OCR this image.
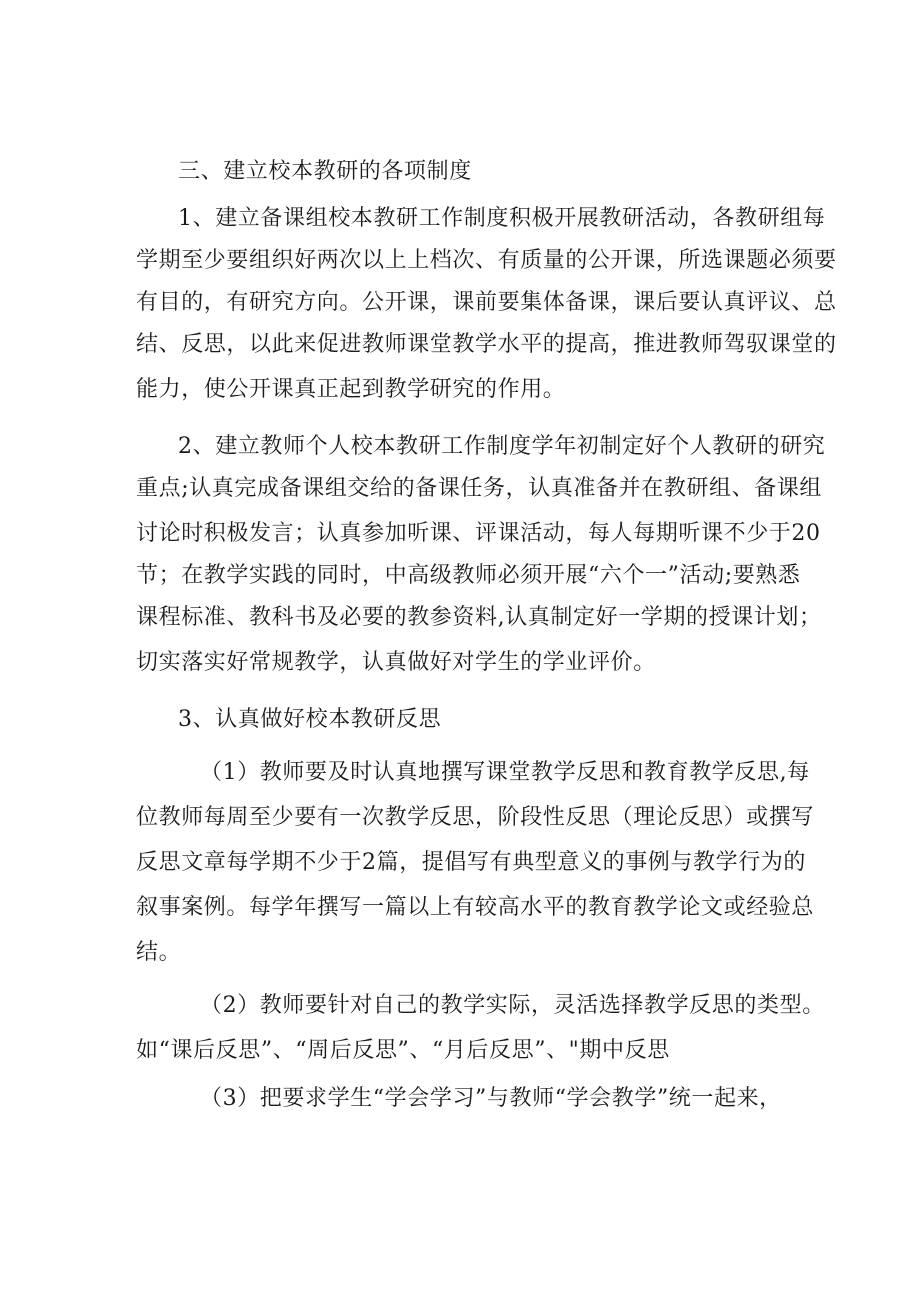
三、建立校本教研的各项制度
1、建立备课组校本教研工作制度积极开展教研活动，各教研组每
学期至少要组织好两次以上上档次、有质量的公开课，所选课题必须要
有目的，有研究方向。公开课，课前要集体备课，课后要认真评议、总
结、反思，以此来促进教师课堂教学水平的提高，推进教师驾驭课堂的
能力，使公开课真正起到教学研究的作用。
2、建立教师个人校本教研工作制度学年初制定好个人教研的研究
重点;认真完成备课组交给的备课任务，认真准备并在教研组、备课组
讨论时积极发言；认真参加听课、评课活动，每人每期听课不少于20
节；在教学实践的同时，中高级教师必须开展“六个一”活动;要熟悉
课程标准、教科书及必要的教参资料,认真制定好一学期的授课计划；
切实落实好常规教学，认真做好对学生的学业评价。
3、认真做好校本教研反思
（1）教师要及时认真地撰写课堂教学反思和教育教学反思,每
位教师每周至少要有一次教学反思，阶段性反思（理论反思）或撰写
反思文章每学期不少于2篇，提倡写有典型意义的事例与教学行为的
叙事案例。每学年撰写一篇以上有较高水平的教育教学论文或经验总
结。
（2）教师要针对自己的教学实际，灵活选择教学反思的类型。
如“课后反思”、“周后反思”、“月后反思”、"期中反思
（3）把要求学生“学会学习”与教师“学会教学”统一起来，
